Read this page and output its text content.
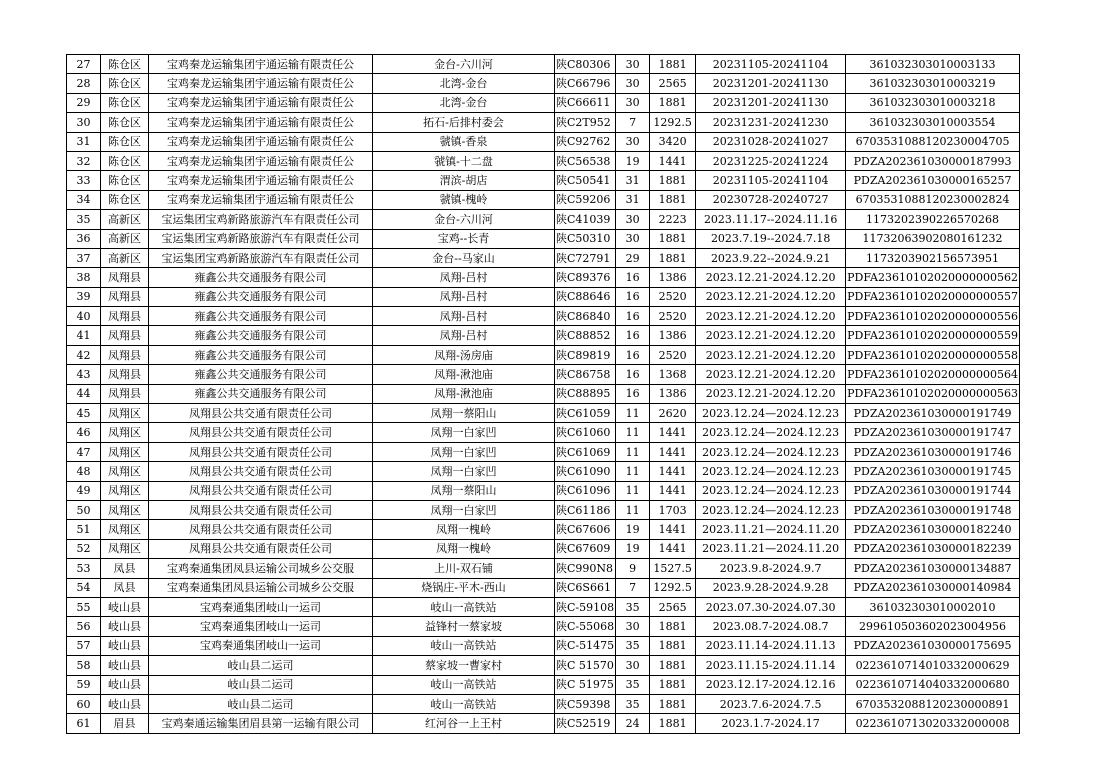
27	陈仓区	宝鸡秦龙运输集团宇通运输有限责任公	金台-六川河	陕C80306	30	1881	20231105-20241104	361032303010003133
28	陈仓区	宝鸡秦龙运输集团宇通运输有限责任公	北湾-金台	陕C66796	30	2565	20231201-20241130	361032303010003219
29	陈仓区	宝鸡秦龙运输集团宇通运输有限责任公	北湾-金台	陕C66611	30	1881	20231201-20241130	361032303010003218
30	陈仓区	宝鸡秦龙运输集团宇通运输有限责任公	拓石-后排村委会	陕C2T952	7	1292.5	20231231-20241230	361032303010003554
31	陈仓区	宝鸡秦龙运输集团宇通运输有限责任公	虢镇-香泉	陕C92762	30	3420	20231028-20241027	6703531088120230004705
32	陈仓区	宝鸡秦龙运输集团宇通运输有限责任公	虢镇-十二盘	陕C56538	19	1441	20231225-20241224	PDZA202361030000187993
33	陈仓区	宝鸡秦龙运输集团宇通运输有限责任公	渭滨-胡店	陕C50541	31	1881	20231105-20241104	PDZA202361030000165257
34	陈仓区	宝鸡秦龙运输集团宇通运输有限责任公	虢镇-槐岭	陕C59206	31	1881	20230728-20240727	6703531088120230002824
35	高新区	宝运集团宝鸡新路旅游汽车有限责任公司	金台-六川河	陕C41039	30	2223	2023.11.17--2024.11.16	1173202390226570268
36	高新区	宝运集团宝鸡新路旅游汽车有限责任公司	宝鸡--长青	陕C50310	30	1881	2023.7.19--2024.7.18	1173206390208016123​2
37	高新区	宝运集团宝鸡新路旅游汽车有限责任公司	金台--马家山	陕C72791	29	1881	2023.9.22--2024.9.21	1173203902156573951
38	凤翔县	雍鑫公共交通服务有限公司	凤翔-吕村	陕C89376	16	1386	2023.12.21-2024.12.20	PDFA236101020200000005​62
39	凤翔县	雍鑫公共交通服务有限公司	凤翔-吕村	陕C88646	16	2520	2023.12.21-2024.12.20	PDFA236101020200000005​57
40	凤翔县	雍鑫公共交通服务有限公司	凤翔-吕村	陕C86840	16	2520	2023.12.21-2024.12.20	PDFA236101020200000005​56
41	凤翔县	雍鑫公共交通服务有限公司	凤翔-吕村	陕C88852	16	1386	2023.12.21-2024.12.20	PDFA236101020200000005​59
42	凤翔县	雍鑫公共交通服务有限公司	凤翔-汤房庙	陕C89819	16	2520	2023.12.21-2024.12.20	PDFA236101020200000005​58
43	凤翔县	雍鑫公共交通服务有限公司	凤翔-湫池庙	陕C86758	16	1368	2023.12.21-2024.12.20	PDFA236101020200000005​64
44	凤翔县	雍鑫公共交通服务有限公司	凤翔-湫池庙	陕C88895	16	1386	2023.12.21-2024.12.20	PDFA236101020200000005​63
45	凤翔区	凤翔县公共交通有限责任公司	凤翔一蔡阳山	陕C61059	11	2620	2023.12.24—2024.12.23	PDZA202361030000191749
46	凤翔区	凤翔县公共交通有限责任公司	凤翔一白家凹	陕C61060	11	1441	2023.12.24—2024.12.23	PDZA202361030000191747
47	凤翔区	凤翔县公共交通有限责任公司	凤翔一白家凹	陕C61069	11	1441	2023.12.24—2024.12.23	PDZA202361030000191746
48	凤翔区	凤翔县公共交通有限责任公司	凤翔一白家凹	陕C61090	11	1441	2023.12.24—2024.12.23	PDZA202361030000191745
49	凤翔区	凤翔县公共交通有限责任公司	凤翔一蔡阳山	陕C61096	11	1441	2023.12.24—2024.12.23	PDZA202361030000191744
50	凤翔区	凤翔县公共交通有限责任公司	凤翔一白家凹	陕C61186	11	1703	2023.12.24—2024.12.23	PDZA202361030000191748
51	凤翔区	凤翔县公共交通有限责任公司	凤翔一槐岭	陕C67606	19	1441	2023.11.21—2024.11.20	PDZA202361030000182240
52	凤翔区	凤翔县公共交通有限责任公司	凤翔一槐岭	陕C67609	19	1441	2023.11.21—2024.11.20	PDZA202361030000182239
53	凤县	宝鸡秦通集团凤县运输公司城乡公交服	上川-双石铺	陕C990N8	9	1527.5	2023.9.8-2024.9.7	PDZA202361030000134887
54	凤县	宝鸡秦通集团凤县运输公司城乡公交服	烧锅庄-平木-西山	陕C6S661	7	1292.5	2023.9.28-2024.9.28	PDZA202361030000140984
55	岐山县	宝鸡秦通集团岐山一运司	岐山一高铁站	陕C-59108	35	2565	2023.07.30-2024.07.30	361032303010002010
56	岐山县	宝鸡秦通集团岐山一运司	益锋村一蔡家坡	陕C-55068	30	1881	2023.08.7-2024.08.7	2996105036020230049​56
57	岐山县	宝鸡秦通集团岐山一运司	岐山一高铁站	陕C-51475	35	1881	2023.11.14-2024.11.13	PDZA202361030000175695
58	岐山县	岐山县二运司	蔡家坡一曹家村	陕C 51570	30	1881	2023.11.15-2024.11.14	0223610714010332000629
59	岐山县	岐山县二运司	岐山一高铁站	陕C 51975	35	1881	2023.12.17-2024.12.16	0223610714040332000680
60	岐山县	岐山县二运司	岐山一高铁站	陕C59398	35	1881	2023.7.6-2024.7.5	6703532088120230000891
61	眉县	宝鸡秦通运输集团眉县第一运输有限公司	红河谷一上王村	陕C52519	24	1881	2023.1.7-2024.17	0223610713020332000008
